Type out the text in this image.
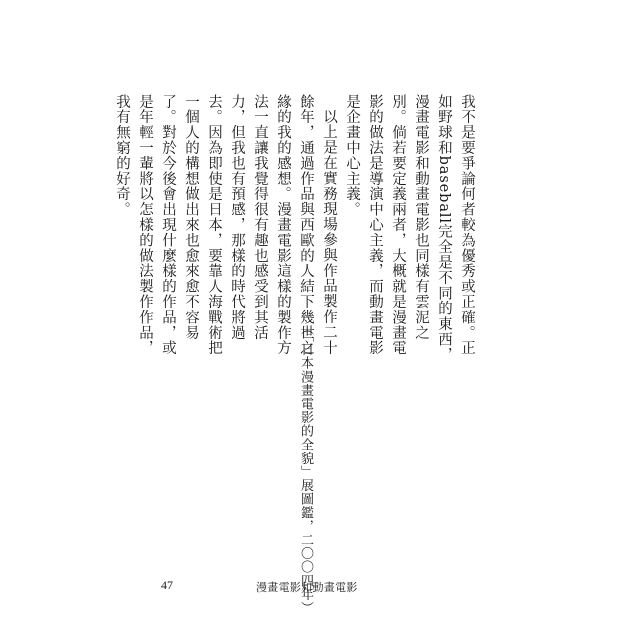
我不是要爭論何者較為優秀或正確。正如野球和baseball完全是不同的東西，漫畫電影和動畫電影也同樣有雲泥之別。倘若要定義兩者，大概就是漫畫電影的做法是導演中心主義，而動畫電影是企畫中心主義。

以上是在實務現場參與作品製作二十餘年，通過作品與西歐的人結下幾世之緣的我的感想。漫畫電影這樣的製作方法一直讓我覺得很有趣也感受到其活力，但我也有預感，那樣的時代將過去。因為即使是日本，要靠人海戰術把一個人的構想做出來也愈來愈不容易了。對於今後會出現什麼樣的作品，或是年輕一輩將以怎樣的做法製作作品，我有無窮的好奇。

（「日本漫畫電影的全貌」展圖鑑，二〇〇四年）
47	漫畫電影和動畫電影
